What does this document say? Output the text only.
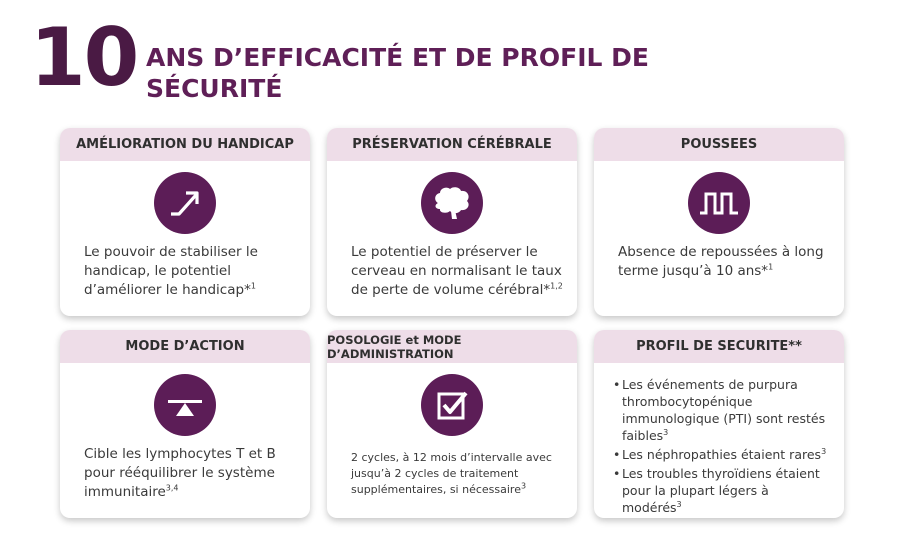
10 ANS D’EFFICACITÉ ET DE PROFIL DE
SÉCURITÉ
AMÉLIORATION DU HANDICAP
Le pouvoir de stabiliser le handicap, le potentiel d’améliorer le handicap*$^1$
PRÉSERVATION CÉRÉBRALE
Le potentiel de préserver le cerveau en normalisant le taux de perte de volume cérébral*$^{1,2}$
POUSSEES
Absence de repoussées à long terme jusqu’à 10 ans*$^1$
MODE D’ACTION
Cible les lymphocytes T et B pour rééquilibrer le système immunitaire$^{3,4}$
POSOLOGIE et MODE D’ADMINISTRATION
2 cycles, à 12 mois d’intervalle avec jusqu’à 2 cycles de traitement supplémentaires, si nécessaire$^3$
PROFIL DE SECURITE**
• Les événements de purpura thrombocytopénique immunologique (PTI) sont restés faibles$^3$
• Les néphropathies étaient rares$^3$
• Les troubles thyroïdiens étaient pour la plupart légers à modérés$^3$
